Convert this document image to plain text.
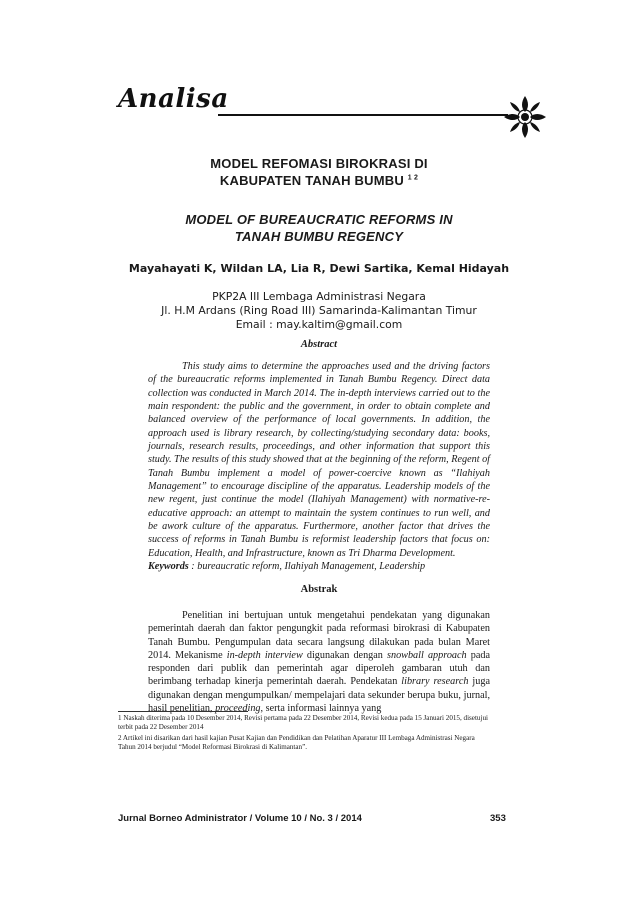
Analisa
MODEL REFOMASI BIROKRASI DI
KABUPATEN TANAH BUMBU $^{1 2}$
MODEL OF BUREAUCRATIC REFORMS IN
TANAH BUMBU REGENCY
Mayahayati K, Wildan LA, Lia R, Dewi Sartika, Kemal Hidayah
PKP2A III Lembaga Administrasi Negara
Jl. H.M Ardans (Ring Road III) Samarinda-Kalimantan Timur
Email : may.kaltim@gmail.com
Abstract
This study aims to determine the approaches used and the driving factors of the bureaucratic reforms implemented in Tanah Bumbu Regency. Direct data collection was conducted in March 2014. The in-depth interviews carried out to the main respondent: the public and the government, in order to obtain complete and balanced overview of the performance of local governments. In addition, the approach used is library research, by collecting/studying secondary data: books, journals, research results, proceedings, and other information that support this study. The results of this study showed that at the beginning of the reform, Regent of Tanah Bumbu implement a model of power-coercive known as “Ilahiyah Management” to encourage discipline of the apparatus. Leadership models of the new regent, just continue the model (Ilahiyah Management) with normative-re-educative approach: an attempt to maintain the system continues to run well, and be awork culture of the apparatus. Furthermore, another factor that drives the success of reforms in Tanah Bumbu is reformist leadership factors that focus on: Education, Health, and Infrastructure, known as Tri Dharma Development.
Keywords : bureaucratic reform, Ilahiyah Management, Leadership
Abstrak
Penelitian ini bertujuan untuk mengetahui pendekatan yang digunakan pemerintah daerah dan faktor pengungkit pada reformasi birokrasi di Kabupaten Tanah Bumbu. Pengumpulan data secara langsung dilakukan pada bulan Maret 2014. Mekanisme in-depth interview digunakan dengan snowball approach pada responden dari publik dan pemerintah agar diperoleh gambaran utuh dan berimbang terhadap kinerja pemerintah daerah. Pendekatan library research juga digunakan dengan mengumpulkan/ mempelajari data sekunder berupa buku, jurnal, hasil penelitian, proceeding, serta informasi lainnya yang
1 Naskah diterima pada 10 Desember 2014, Revisi pertama pada 22 Desember 2014, Revisi kedua pada 15 Januari 2015, disetujui terbit pada 22 Desember 2014
2 Artikel ini disarikan dari hasil kajian Pusat Kajian dan Pendidikan dan Pelatihan Aparatur III Lembaga Administrasi Negara Tahun 2014 berjudul “Model Reformasi Birokrasi di Kalimantan”.
Jurnal Borneo Administrator / Volume 10 / No. 3 / 2014	353
